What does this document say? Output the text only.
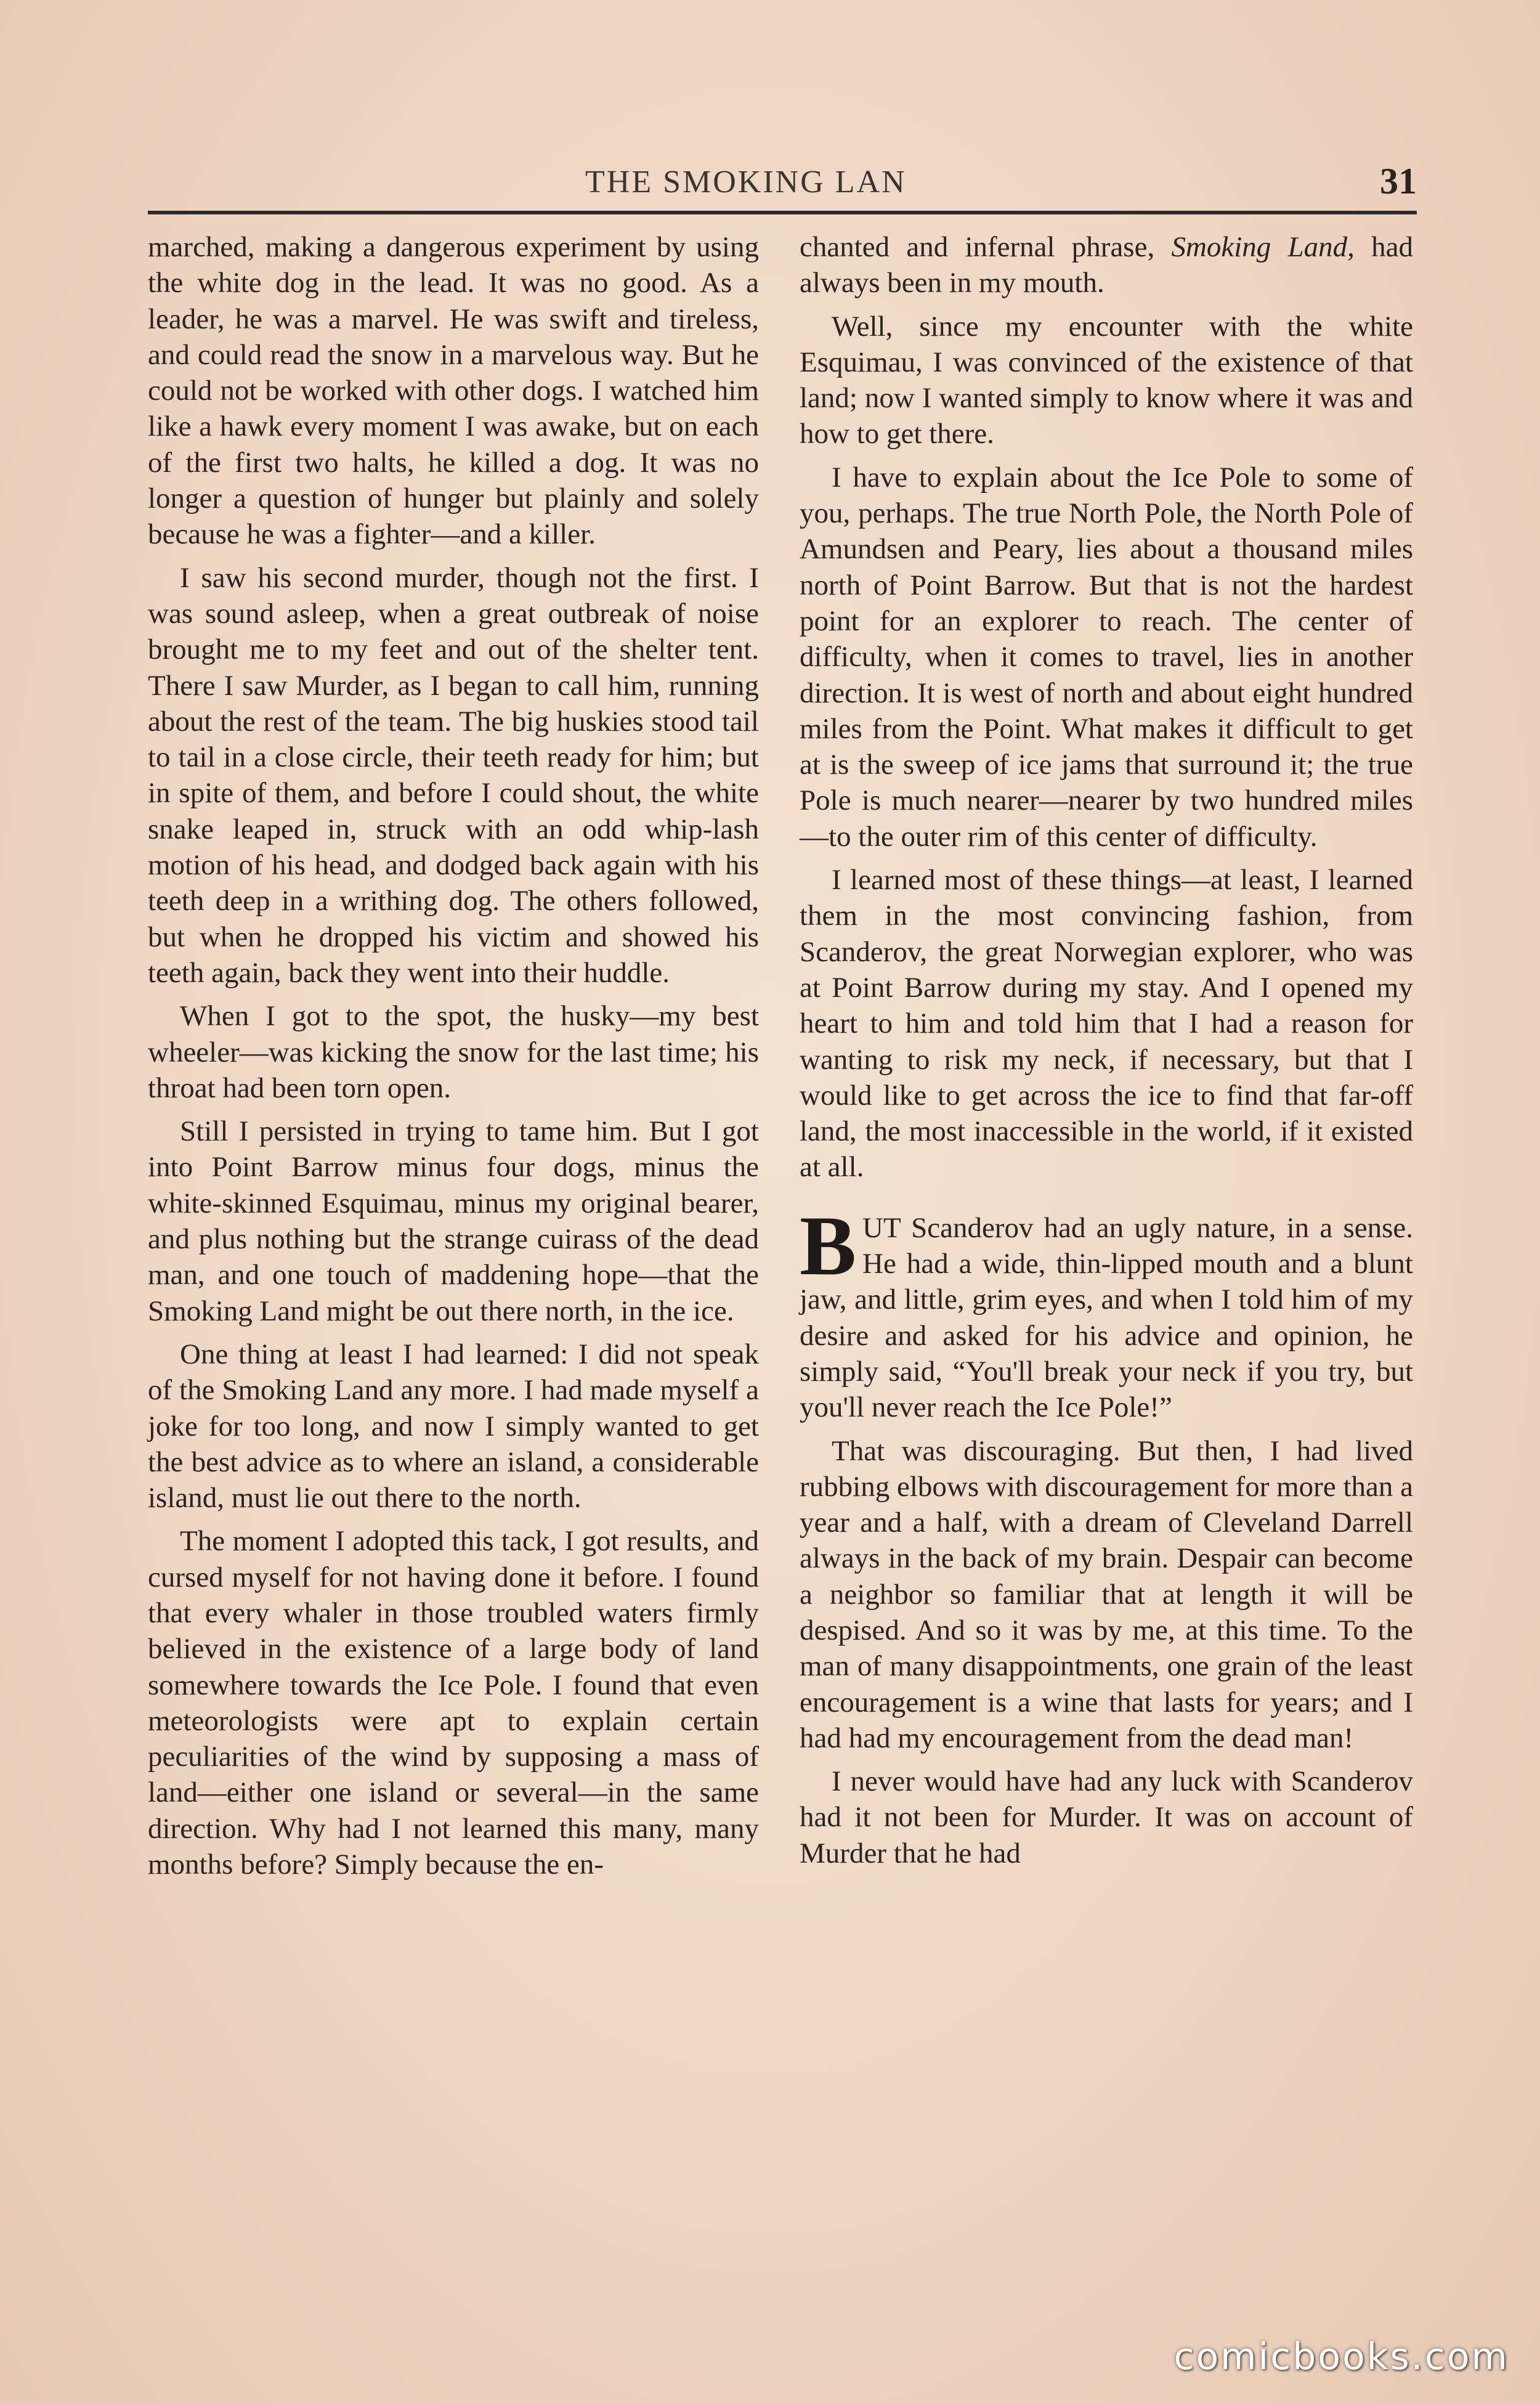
THE SMOKING LAN	31

marched, making a dangerous experiment by using the white dog in the lead. It was no good. As a leader, he was a marvel. He was swift and tireless, and could read the snow in a marvelous way. But he could not be worked with other dogs. I watched him like a hawk every moment I was awake, but on each of the first two halts, he killed a dog. It was no longer a question of hunger but plainly and solely because he was a fighter—and a killer.

I saw his second murder, though not the first. I was sound asleep, when a great outbreak of noise brought me to my feet and out of the shelter tent. There I saw Murder, as I began to call him, running about the rest of the team. The big huskies stood tail to tail in a close circle, their teeth ready for him; but in spite of them, and before I could shout, the white snake leaped in, struck with an odd whip-lash motion of his head, and dodged back again with his teeth deep in a writhing dog. The others followed, but when he dropped his victim and showed his teeth again, back they went into their huddle.

When I got to the spot, the husky—my best wheeler—was kicking the snow for the last time; his throat had been torn open.

Still I persisted in trying to tame him. But I got into Point Barrow minus four dogs, minus the white-skinned Esquimau, minus my original bearer, and plus nothing but the strange cuirass of the dead man, and one touch of maddening hope—that the Smoking Land might be out there north, in the ice.

One thing at least I had learned: I did not speak of the Smoking Land any more. I had made myself a joke for too long, and now I simply wanted to get the best advice as to where an island, a considerable island, must lie out there to the north.

The moment I adopted this tack, I got results, and cursed myself for not having done it before. I found that every whaler in those troubled waters firmly believed in the existence of a large body of land somewhere towards the Ice Pole. I found that even meteorologists were apt to explain certain peculiarities of the wind by supposing a mass of land—either one island or several—in the same direction. Why had I not learned this many, many months before? Simply because the en-

chanted and infernal phrase, Smoking Land, had always been in my mouth.

Well, since my encounter with the white Esquimau, I was convinced of the existence of that land; now I wanted simply to know where it was and how to get there.

I have to explain about the Ice Pole to some of you, perhaps. The true North Pole, the North Pole of Amundsen and Peary, lies about a thousand miles north of Point Barrow. But that is not the hardest point for an explorer to reach. The center of difficulty, when it comes to travel, lies in another direction. It is west of north and about eight hundred miles from the Point. What makes it difficult to get at is the sweep of ice jams that surround it; the true Pole is much nearer—nearer by two hundred miles—to the outer rim of this center of difficulty.

I learned most of these things—at least, I learned them in the most convincing fashion, from Scanderov, the great Norwegian explorer, who was at Point Barrow during my stay. And I opened my heart to him and told him that I had a reason for wanting to risk my neck, if necessary, but that I would like to get across the ice to find that far-off land, the most inaccessible in the world, if it existed at all.

BUT Scanderov had an ugly nature, in a sense. He had a wide, thin-lipped mouth and a blunt jaw, and little, grim eyes, and when I told him of my desire and asked for his advice and opinion, he simply said, “You'll break your neck if you try, but you'll never reach the Ice Pole!”

That was discouraging. But then, I had lived rubbing elbows with discouragement for more than a year and a half, with a dream of Cleveland Darrell always in the back of my brain. Despair can become a neighbor so familiar that at length it will be despised. And so it was by me, at this time. To the man of many disappointments, one grain of the least encouragement is a wine that lasts for years; and I had had my encouragement from the dead man!

I never would have had any luck with Scanderov had it not been for Murder. It was on account of Murder that he had

comicbooks.com
